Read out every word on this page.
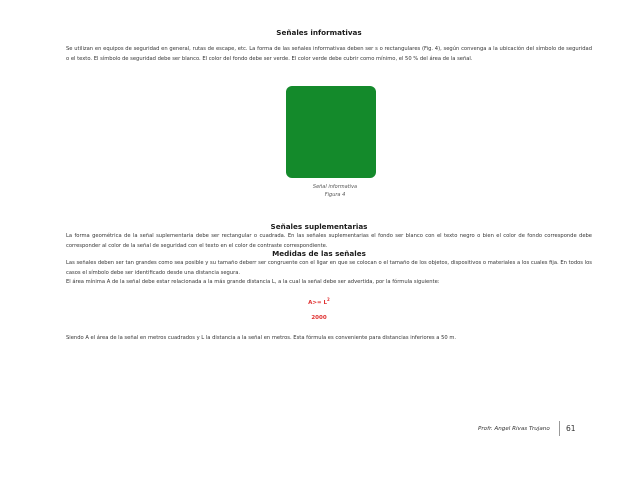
Señales informativas
Se utilizan en equipos de seguridad en general, rutas de escape, etc. La forma de las señales informativas deben ser s o rectangulares (Fig. 4), según convenga a la ubicación del símbolo de seguridad o el texto. El símbolo de seguridad debe ser blanco. El color del fondo debe ser verde. El color verde debe cubrir como mínimo, el 50 % del área de la señal.
Señal informativa
Figura 4
Señales suplementarias
La forma geométrica de la señal suplementaria debe ser rectangular o cuadrada. En las señales suplementarias el fondo ser blanco con el texto negro o bien el color de fondo corresponde debe corresponder al color de la señal de seguridad con el texto en el color de contraste correspondiente.
Medidas de las señales
Las señales deben ser tan grandes como sea posible y su tamaño deberr ser congruente con el ligar en que se colocan o el tamaño de los objetos, dispositivos o materiales a los cuales fija. En todos los casos el símbolo debe ser identificado desde una distancia segura.
El área mínima A de la señal debe estar relacionada a la más grande distancia L, a la cual la señal debe ser advertida, por la fórmula siguiente:
$A>= L^2$
2000
Siendo A el área de la señal en metros cuadrados y L la distancia a la señal en metros. Esta fórmula es conveniente para distancias inferiores a 50 m.
Profr. Angel Rivas Trujano 61
